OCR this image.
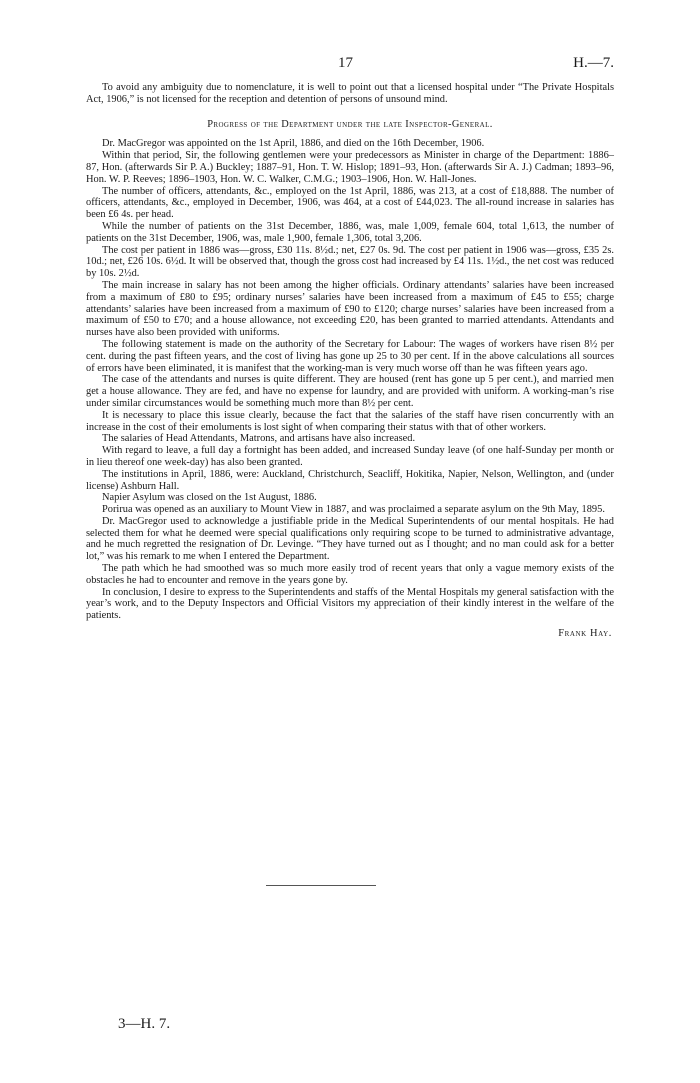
17	H.—7.

To avoid any ambiguity due to nomenclature, it is well to point out that a licensed hospital under “The Private Hospitals Act, 1906,” is not licensed for the reception and detention of persons of unsound mind.

Progress of the Department under the late Inspector-General.

Dr. MacGregor was appointed on the 1st April, 1886, and died on the 16th December, 1906.

Within that period, Sir, the following gentlemen were your predecessors as Minister in charge of the Department: 1886–87, Hon. (afterwards Sir P. A.) Buckley; 1887–91, Hon. T. W. Hislop; 1891–93, Hon. (afterwards Sir A. J.) Cadman; 1893–96, Hon. W. P. Reeves; 1896–1903, Hon. W. C. Walker, C.M.G.; 1903–1906, Hon. W. Hall-Jones.

The number of officers, attendants, &c., employed on the 1st April, 1886, was 213, at a cost of £18,888. The number of officers, attendants, &c., employed in December, 1906, was 464, at a cost of £44,023. The all-round increase in salaries has been £6 4s. per head.

While the number of patients on the 31st December, 1886, was, male 1,009, female 604, total 1,613, the number of patients on the 31st December, 1906, was, male 1,900, female 1,306, total 3,206.

The cost per patient in 1886 was—gross, £30 11s. 8½d.; net, £27 0s. 9d. The cost per patient in 1906 was—gross, £35 2s. 10d.; net, £26 10s. 6½d. It will be observed that, though the gross cost had increased by £4 11s. 1½d., the net cost was reduced by 10s. 2½d.

The main increase in salary has not been among the higher officials. Ordinary attendants’ salaries have been increased from a maximum of £80 to £95; ordinary nurses’ salaries have been increased from a maximum of £45 to £55; charge attendants’ salaries have been increased from a maximum of £90 to £120; charge nurses’ salaries have been increased from a maximum of £50 to £70; and a house allowance, not exceeding £20, has been granted to married attendants. Attendants and nurses have also been provided with uniforms.

The following statement is made on the authority of the Secretary for Labour: The wages of workers have risen 8½ per cent. during the past fifteen years, and the cost of living has gone up 25 to 30 per cent. If in the above calculations all sources of errors have been eliminated, it is manifest that the working-man is very much worse off than he was fifteen years ago.

The case of the attendants and nurses is quite different. They are housed (rent has gone up 5 per cent.), and married men get a house allowance. They are fed, and have no expense for laundry, and are provided with uniform. A working-man’s rise under similar circumstances would be something much more than 8½ per cent.

It is necessary to place this issue clearly, because the fact that the salaries of the staff have risen concurrently with an increase in the cost of their emoluments is lost sight of when comparing their status with that of other workers.

The salaries of Head Attendants, Matrons, and artisans have also increased.

With regard to leave, a full day a fortnight has been added, and increased Sunday leave (of one half-Sunday per month or in lieu thereof one week-day) has also been granted.

The institutions in April, 1886, were: Auckland, Christchurch, Seacliff, Hokitika, Napier, Nelson, Wellington, and (under license) Ashburn Hall.

Napier Asylum was closed on the 1st August, 1886.

Porirua was opened as an auxiliary to Mount View in 1887, and was proclaimed a separate asylum on the 9th May, 1895.

Dr. MacGregor used to acknowledge a justifiable pride in the Medical Superintendents of our mental hospitals. He had selected them for what he deemed were special qualifications only requiring scope to be turned to administrative advantage, and he much regretted the resignation of Dr. Levinge. “They have turned out as I thought; and no man could ask for a better lot,” was his remark to me when I entered the Department.

The path which he had smoothed was so much more easily trod of recent years that only a vague memory exists of the obstacles he had to encounter and remove in the years gone by.

In conclusion, I desire to express to the Superintendents and staffs of the Mental Hospitals my general satisfaction with the year’s work, and to the Deputy Inspectors and Official Visitors my appreciation of their kindly interest in the welfare of the patients.

Frank Hay.
3—H. 7.
